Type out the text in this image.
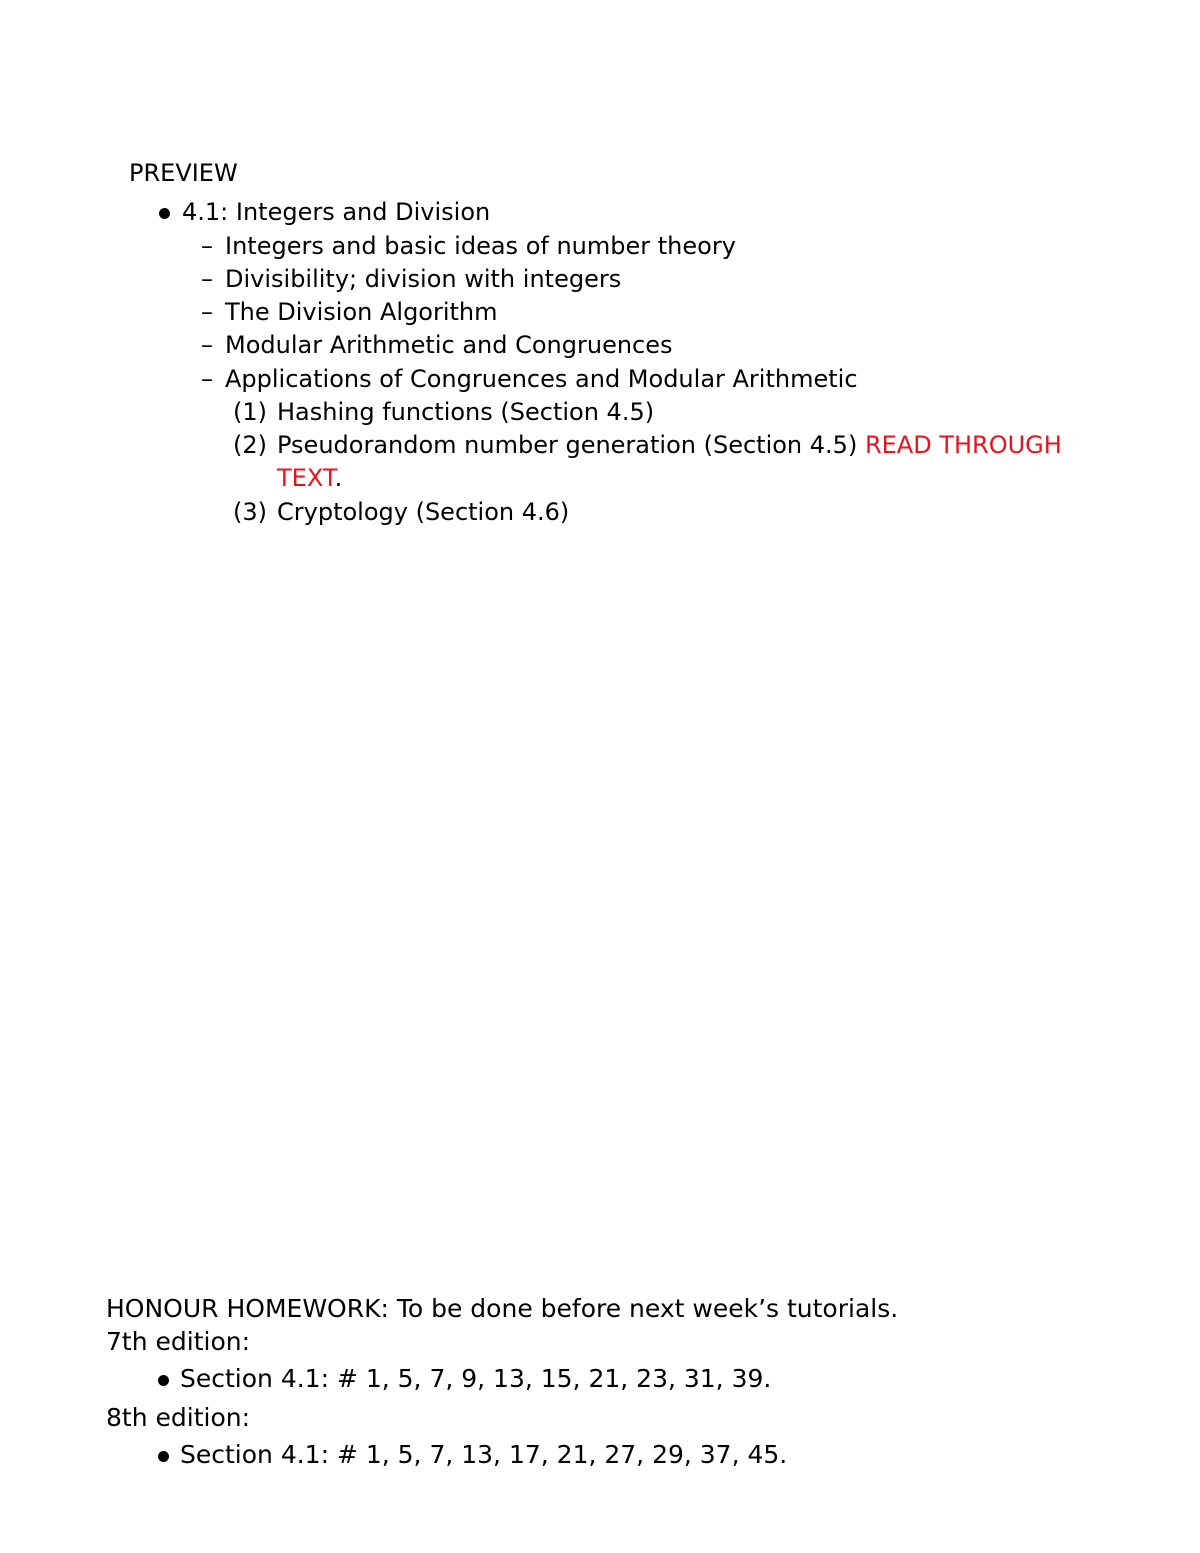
PREVIEW
4.1: Integers and Division
– Integers and basic ideas of number theory
– Divisibility; division with integers
– The Division Algorithm
– Modular Arithmetic and Congruences
– Applications of Congruences and Modular Arithmetic
(1) Hashing functions (Section 4.5)
(2) Pseudorandom number generation (Section 4.5) READ THROUGH
TEXT.
(3) Cryptology (Section 4.6)
HONOUR HOMEWORK: To be done before next week’s tutorials.
7th edition:
Section 4.1: # 1, 5, 7, 9, 13, 15, 21, 23, 31, 39.
8th edition:
Section 4.1: # 1, 5, 7, 13, 17, 21, 27, 29, 37, 45.
